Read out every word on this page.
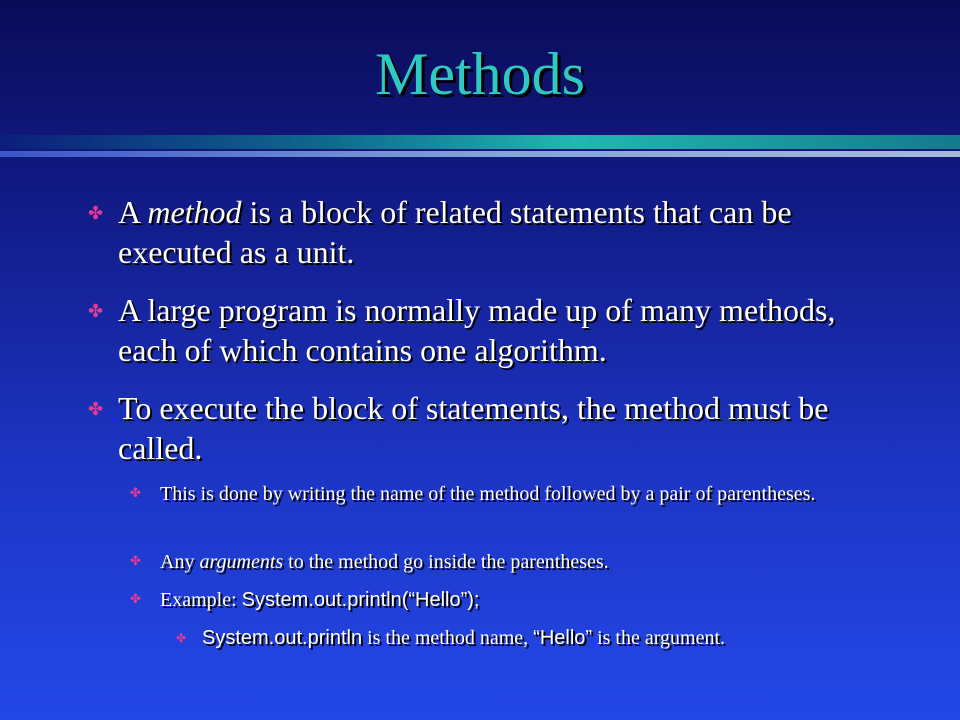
Methods
✤ A method is a block of related statements that can be executed as a unit.
✤ A large program is normally made up of many methods, each of which contains one algorithm.
✤ To execute the block of statements, the method must be called.
✤ This is done by writing the name of the method followed by a pair of parentheses.
✤ Any arguments to the method go inside the parentheses.
✤ Example: System.out.println(“Hello”);
✤ System.out.println is the method name, “Hello” is the argument.
